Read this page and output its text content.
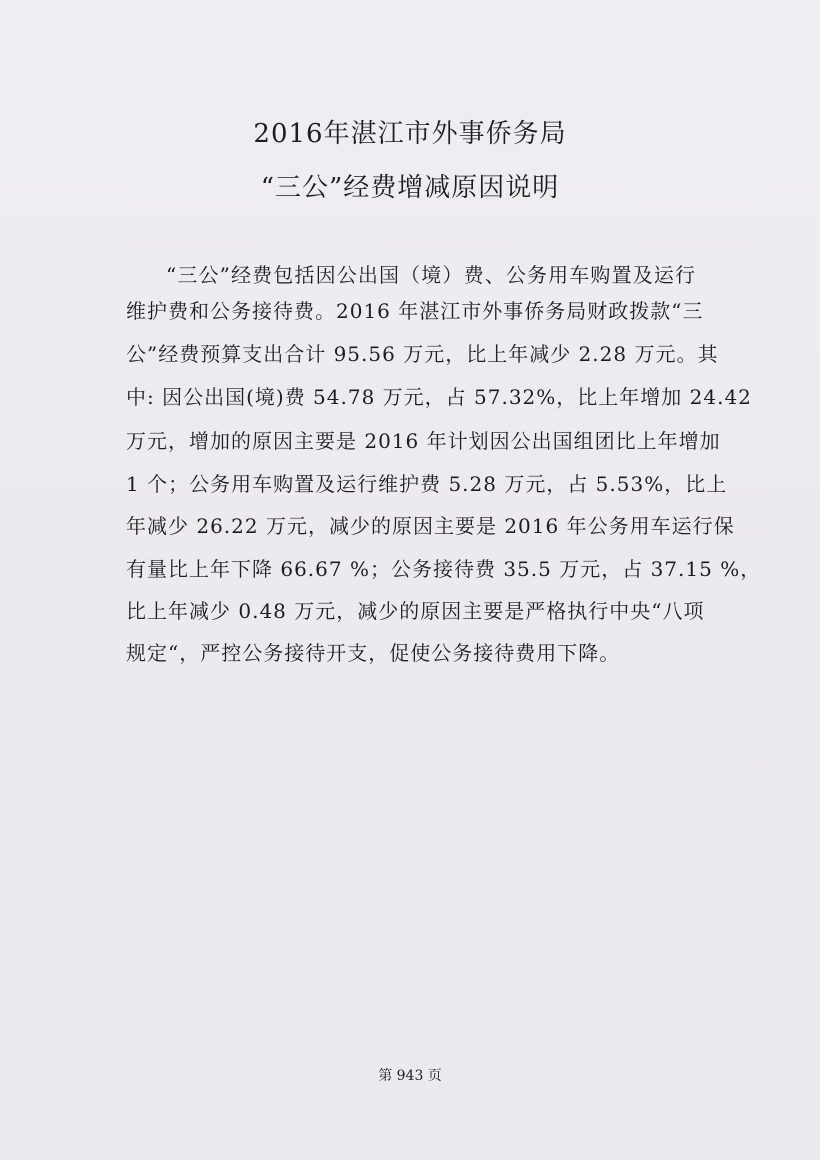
2016年湛江市外事侨务局
“三公”经费增减原因说明
“三公”经费包括因公出国（境）费、公务用车购置及运行
维护费和公务接待费。2016 年湛江市外事侨务局财政拨款“三
公”经费预算支出合计 95.56 万元，比上年减少 2.28 万元。其
中: 因公出国(境)费 54.78 万元，占 57.32%，比上年增加 24.42
万元，增加的原因主要是 2016 年计划因公出国组团比上年增加
1 个；公务用车购置及运行维护费 5.28 万元，占 5.53%，比上
年减少 26.22 万元，减少的原因主要是 2016 年公务用车运行保
有量比上年下降 66.67 %；公务接待费 35.5 万元，占 37.15 %，
比上年减少 0.48 万元，减少的原因主要是严格执行中央“八项
规定“，严控公务接待开支，促使公务接待费用下降。
第 943 页
